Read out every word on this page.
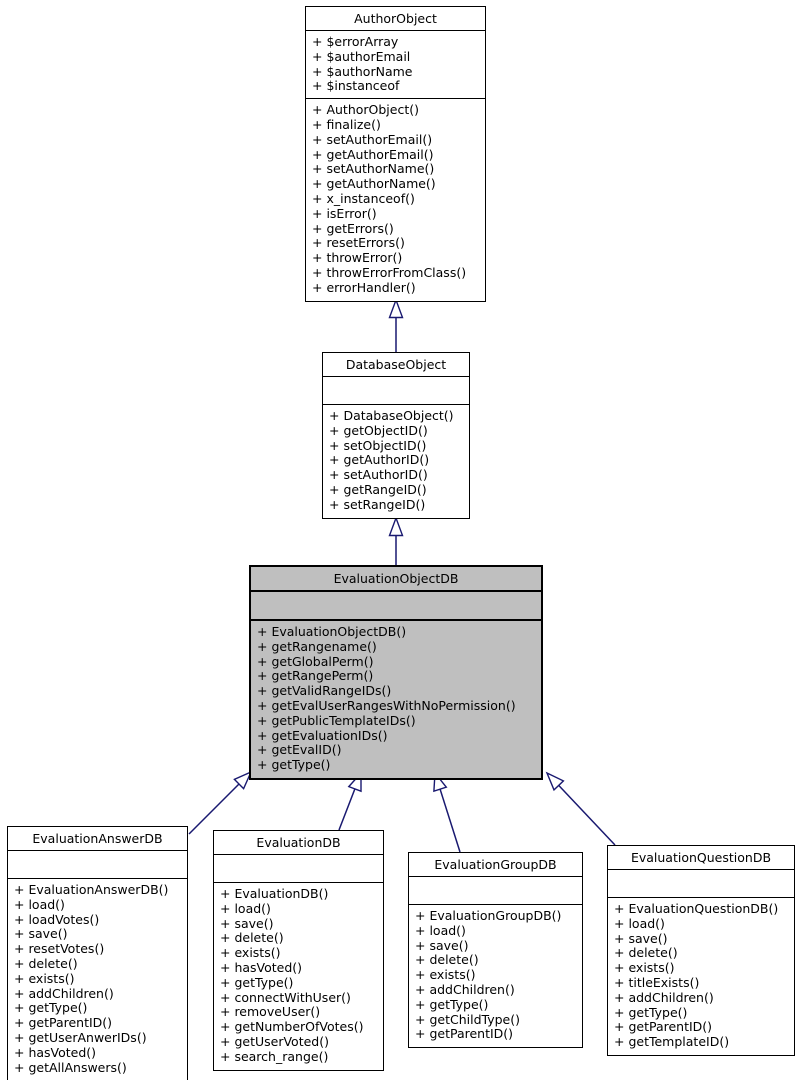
AuthorObject
+ $errorArray
+ $authorEmail
+ $authorName
+ $instanceof
+ AuthorObject()
+ finalize()
+ setAuthorEmail()
+ getAuthorEmail()
+ setAuthorName()
+ getAuthorName()
+ x_instanceof()
+ isError()
+ getErrors()
+ resetErrors()
+ throwError()
+ throwErrorFromClass()
+ errorHandler()
DatabaseObject
+ DatabaseObject()
+ getObjectID()
+ setObjectID()
+ getAuthorID()
+ setAuthorID()
+ getRangeID()
+ setRangeID()
EvaluationObjectDB
+ EvaluationObjectDB()
+ getRangename()
+ getGlobalPerm()
+ getRangePerm()
+ getValidRangeIDs()
+ getEvalUserRangesWithNoPermission()
+ getPublicTemplateIDs()
+ getEvaluationIDs()
+ getEvalID()
+ getType()
EvaluationAnswerDB
+ EvaluationAnswerDB()
+ load()
+ loadVotes()
+ save()
+ resetVotes()
+ delete()
+ exists()
+ addChildren()
+ getType()
+ getParentID()
+ getUserAnwerIDs()
+ hasVoted()
+ getAllAnswers()
EvaluationDB
+ EvaluationDB()
+ load()
+ save()
+ delete()
+ exists()
+ hasVoted()
+ getType()
+ connectWithUser()
+ removeUser()
+ getNumberOfVotes()
+ getUserVoted()
+ search_range()
EvaluationGroupDB
+ EvaluationGroupDB()
+ load()
+ save()
+ delete()
+ exists()
+ addChildren()
+ getType()
+ getChildType()
+ getParentID()
EvaluationQuestionDB
+ EvaluationQuestionDB()
+ load()
+ save()
+ delete()
+ exists()
+ titleExists()
+ addChildren()
+ getType()
+ getParentID()
+ getTemplateID()
